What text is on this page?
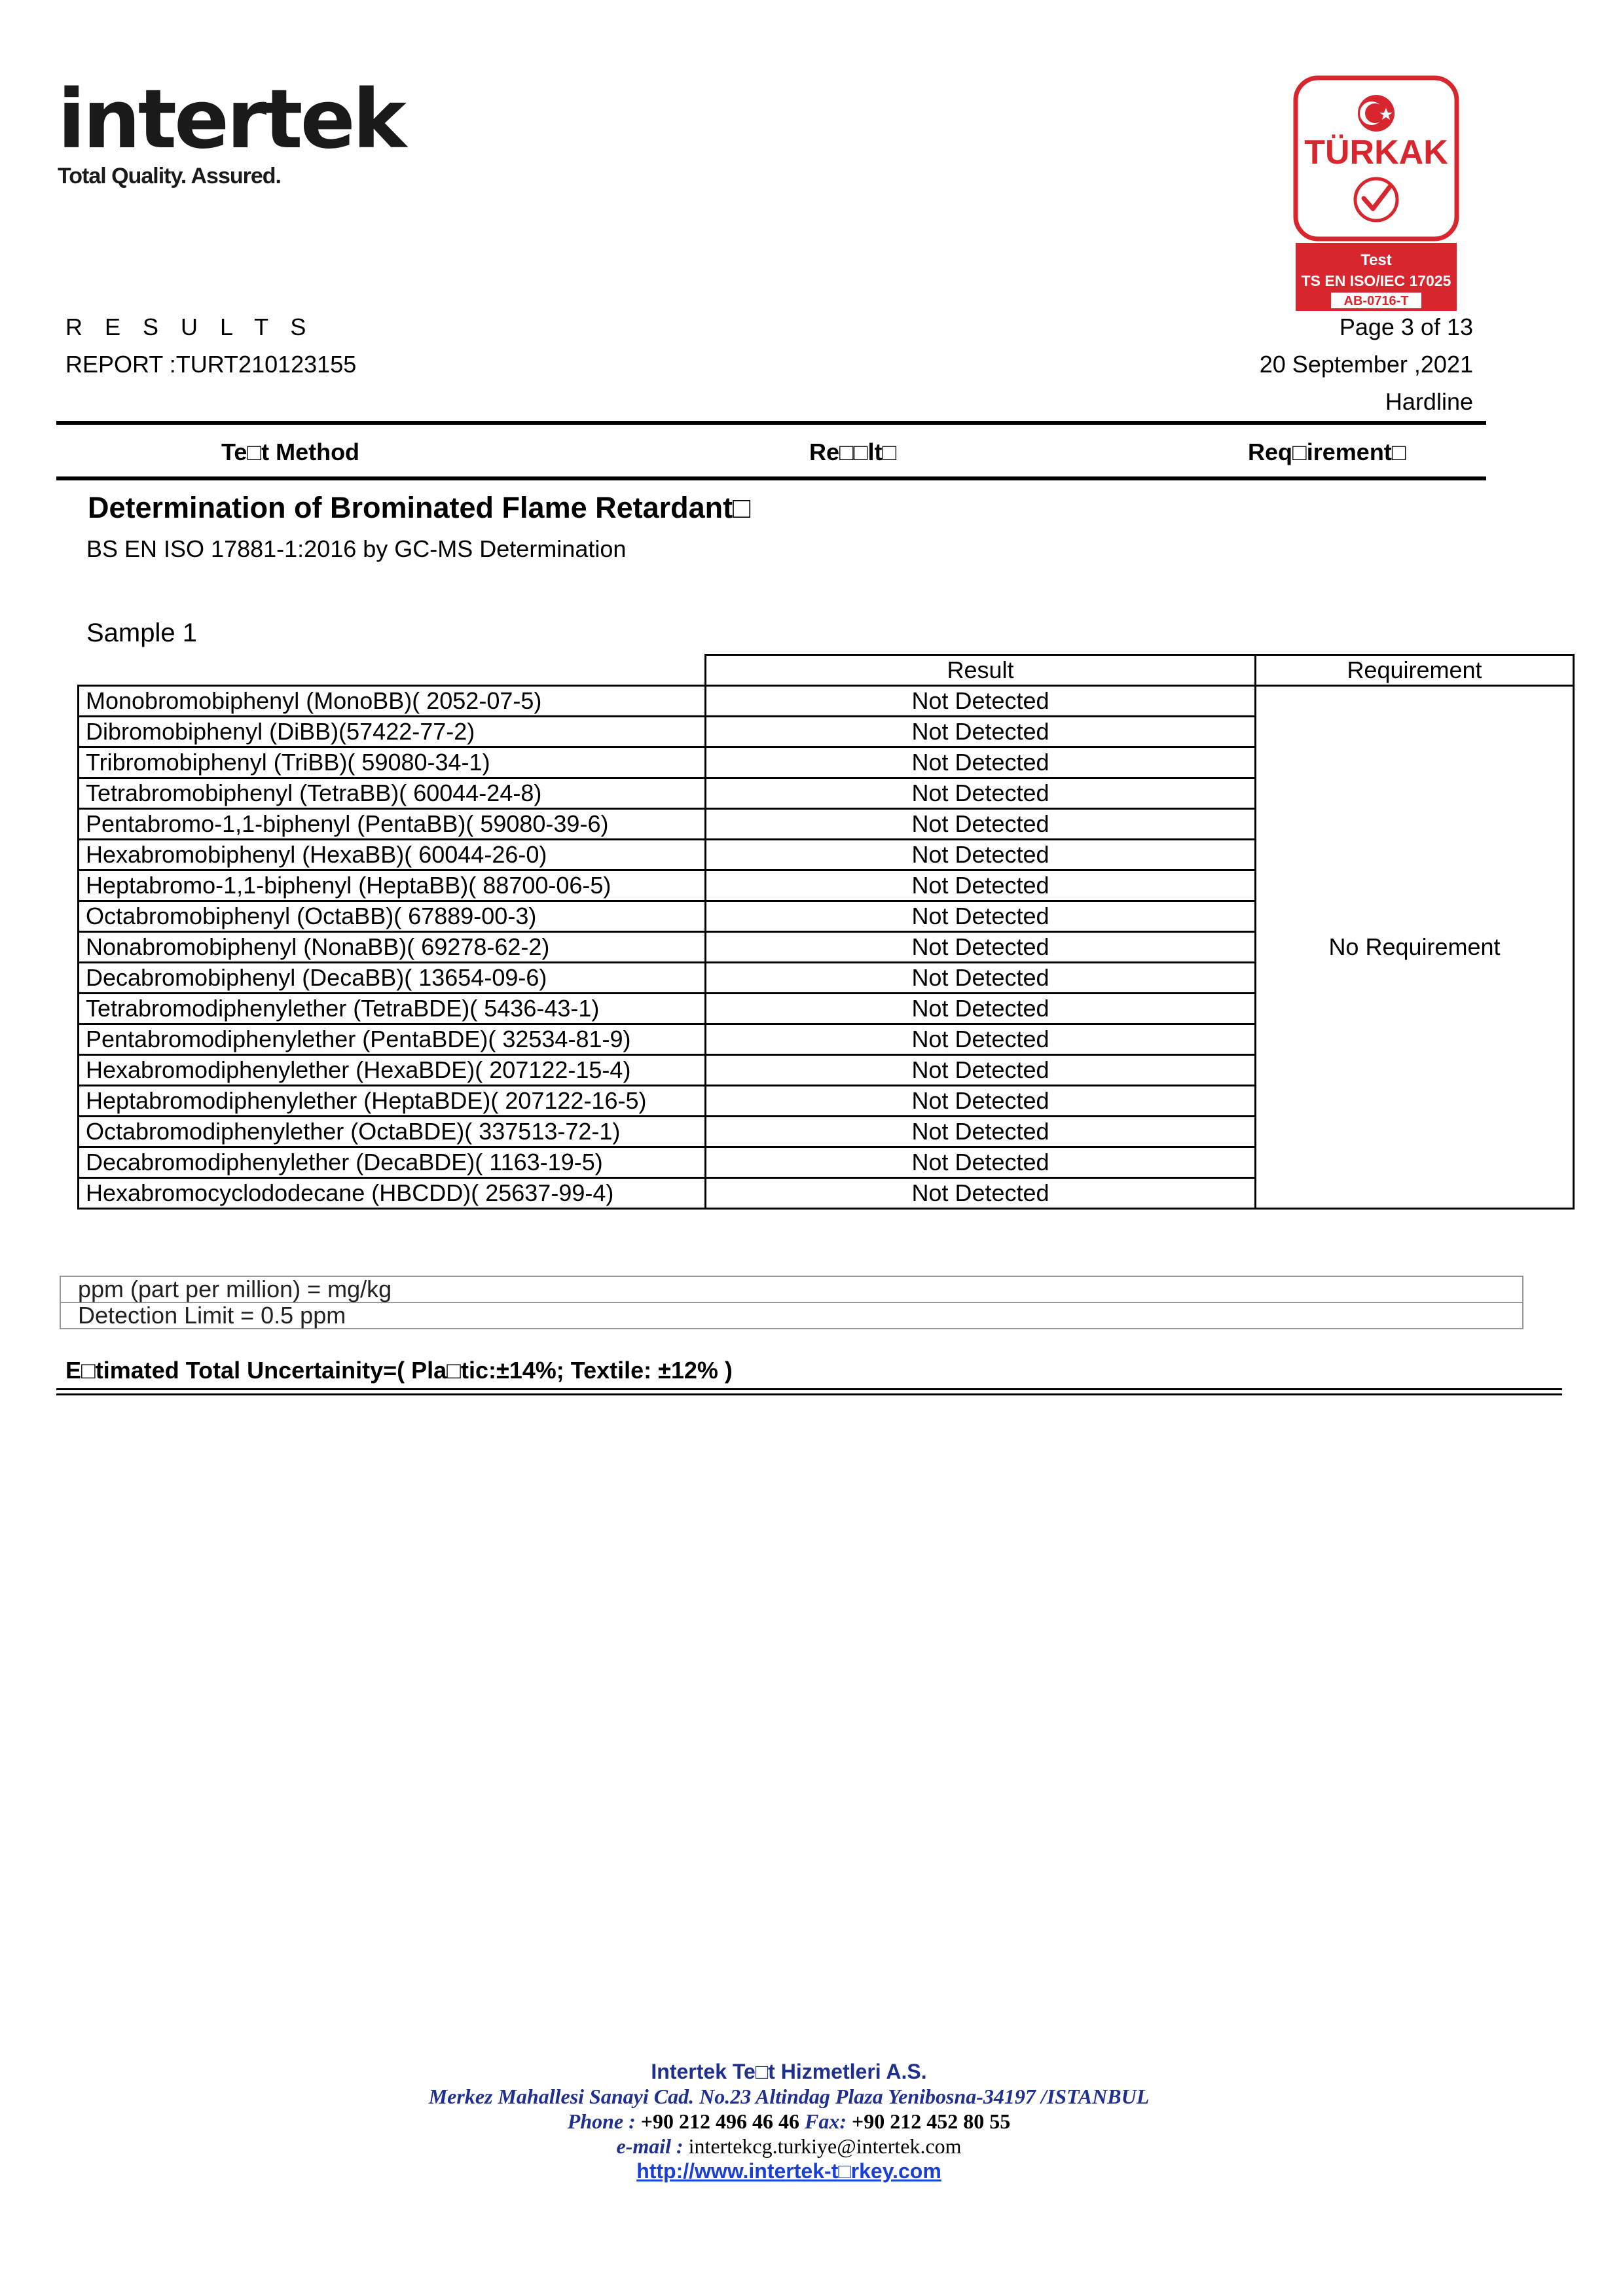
intertek
Total Quality. Assured.
TÜRKAK
Test
TS EN ISO/IEC 17025
AB-0716-T
R E S U L T S
REPORT :TURT210123155
Page 3 of 13
20 September ,2021
Hardline
Te□t Method	Re□□lt□	Req□irement□
Determination of Brominated Flame Retardant□
BS EN ISO 17881-1:2016 by GC-MS Determination
Sample 1
	Result	Requirement
Monobromobiphenyl (MonoBB)( 2052-07-5)	Not Detected	No Requirement
Dibromobiphenyl (DiBB)(57422-77-2)	Not Detected	
Tribromobiphenyl (TriBB)( 59080-34-1)	Not Detected	
Tetrabromobiphenyl (TetraBB)( 60044-24-8)	Not Detected	
Pentabromo-1,1-biphenyl (PentaBB)( 59080-39-6)	Not Detected	
Hexabromobiphenyl (HexaBB)( 60044-26-0)	Not Detected	
Heptabromo-1,1-biphenyl (HeptaBB)( 88700-06-5)	Not Detected	
Octabromobiphenyl (OctaBB)( 67889-00-3)	Not Detected	
Nonabromobiphenyl (NonaBB)( 69278-62-2)	Not Detected	
Decabromobiphenyl (DecaBB)( 13654-09-6)	Not Detected	
Tetrabromodiphenylether (TetraBDE)( 5436-43-1)	Not Detected	
Pentabromodiphenylether (PentaBDE)( 32534-81-9)	Not Detected	
Hexabromodiphenylether (HexaBDE)( 207122-15-4)	Not Detected	
Heptabromodiphenylether (HeptaBDE)( 207122-16-5)	Not Detected	
Octabromodiphenylether (OctaBDE)( 337513-72-1)	Not Detected	
Decabromodiphenylether (DecaBDE)( 1163-19-5)	Not Detected	
Hexabromocyclododecane (HBCDD)( 25637-99-4)	Not Detected	
ppm (part per million) = mg/kg
Detection Limit = 0.5 ppm
E□timated Total Uncertainity=( Pla□tic:±14%; Textile: ±12% )
Intertek Te□t Hizmetleri A.S.
Merkez Mahallesi Sanayi Cad. No.23 Altindag Plaza Yenibosna-34197 /ISTANBUL
Phone : +90 212 496 46 46 Fax: +90 212 452 80 55
e-mail : intertekcg.turkiye@intertek.com
http://www.intertek-t□rkey.com
